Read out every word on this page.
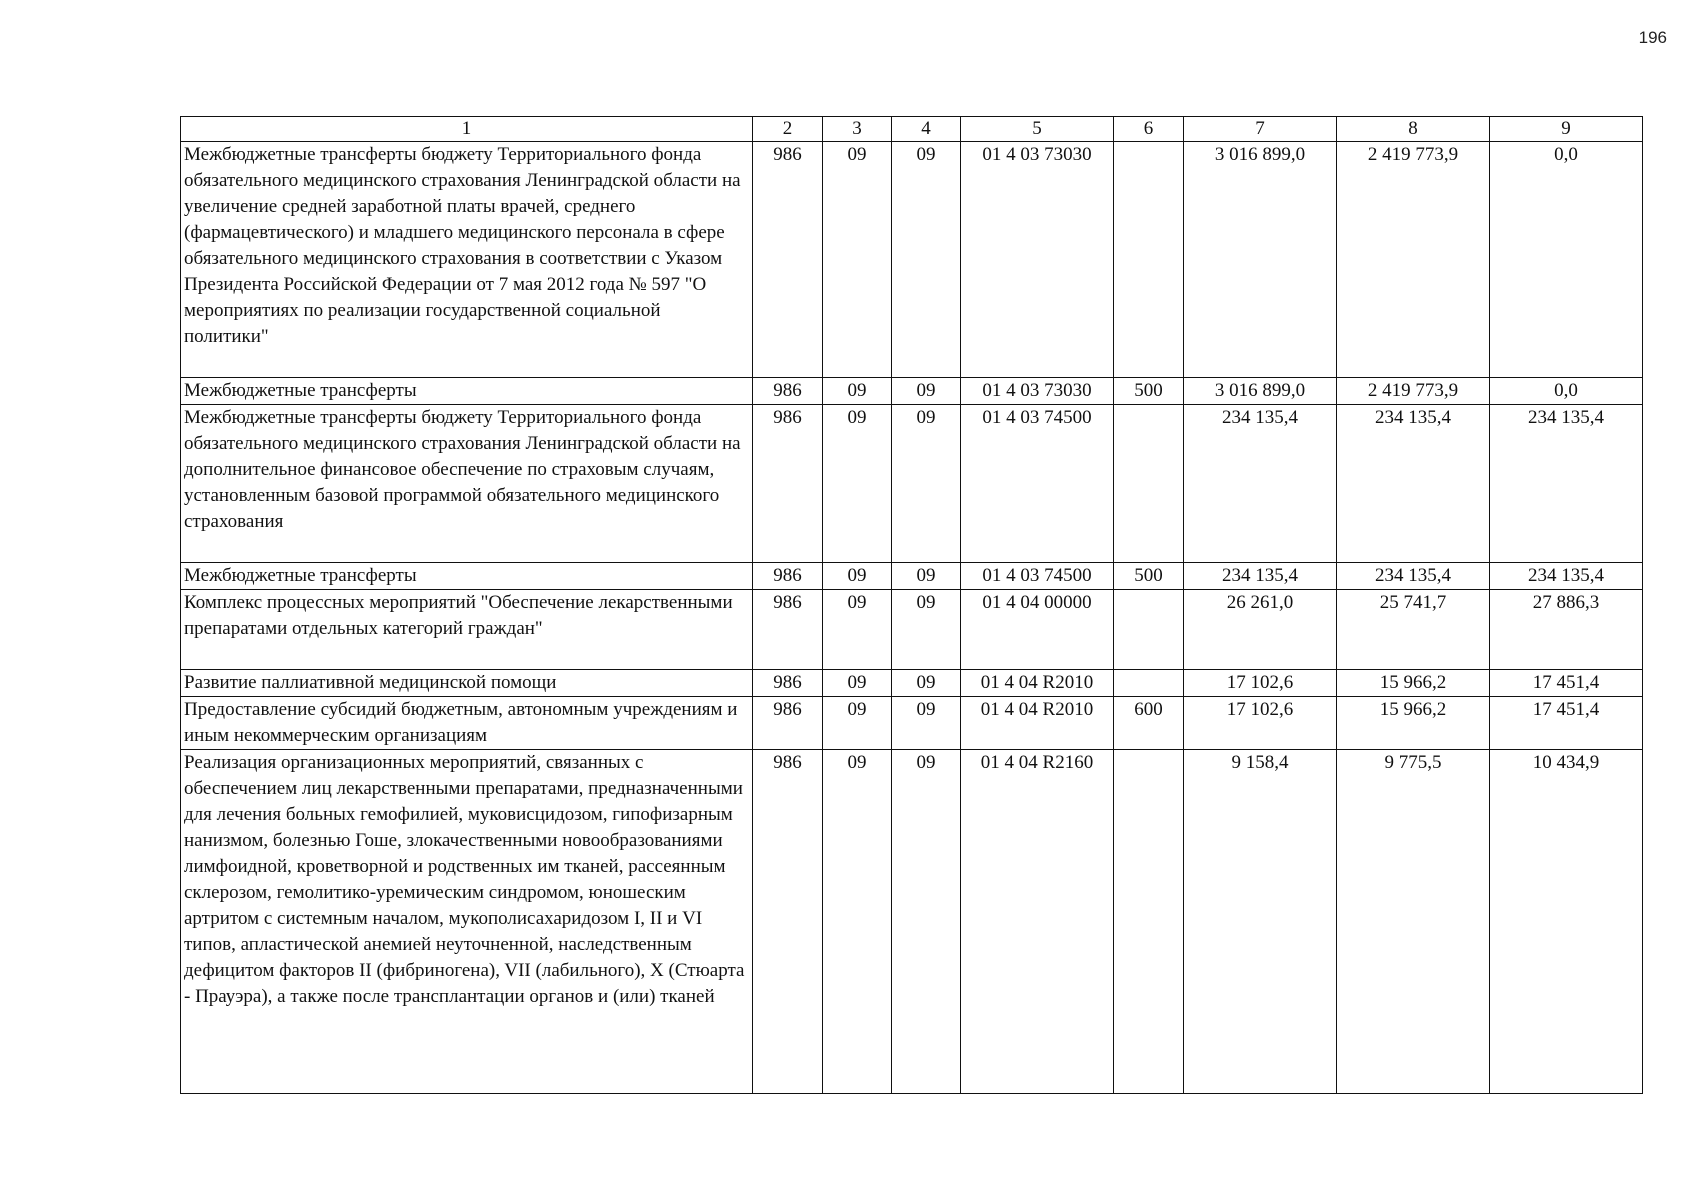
196
1	2	3	4	5	6	7	8	9
Межбюджетные трансферты бюджету Территориального фонда обязательного медицинского страхования Ленинградской области на увеличение средней заработной платы врачей, среднего (фармацевтического) и младшего медицинского персонала в сфере обязательного медицинского страхования в соответствии с Указом Президента Российской Федерации от 7 мая 2012 года № 597 "О мероприятиях по реализации государственной социальной политики"	986	09	09	01 4 03 73030		3 016 899,0	2 419 773,9	0,0
Межбюджетные трансферты	986	09	09	01 4 03 73030	500	3 016 899,0	2 419 773,9	0,0
Межбюджетные трансферты бюджету Территориального фонда обязательного медицинского страхования Ленинградской области на дополнительное финансовое обеспечение по страховым случаям, установленным базовой программой обязательного медицинского страхования	986	09	09	01 4 03 74500		234 135,4	234 135,4	234 135,4
Межбюджетные трансферты	986	09	09	01 4 03 74500	500	234 135,4	234 135,4	234 135,4
Комплекс процессных мероприятий "Обеспечение лекарственными препаратами отдельных категорий граждан"	986	09	09	01 4 04 00000		26 261,0	25 741,7	27 886,3
Развитие паллиативной медицинской помощи	986	09	09	01 4 04 R2010		17 102,6	15 966,2	17 451,4
Предоставление субсидий бюджетным, автономным учреждениям и иным некоммерческим организациям	986	09	09	01 4 04 R2010	600	17 102,6	15 966,2	17 451,4
Реализация организационных мероприятий, связанных с обеспечением лиц лекарственными препаратами, предназначенными для лечения больных гемофилией, муковисцидозом, гипофизарным нанизмом, болезнью Гоше, злокачественными новообразованиями лимфоидной, кроветворной и родственных им тканей, рассеянным склерозом, гемолитико-уремическим синдромом, юношеским артритом с системным началом, мукополисахаридозом I, II и VI типов, апластической анемией неуточненной, наследственным дефицитом факторов II (фибриногена), VII (лабильного), X (Стюарта - Прауэра), а также после трансплантации органов и (или) тканей	986	09	09	01 4 04 R2160		9 158,4	9 775,5	10 434,9
